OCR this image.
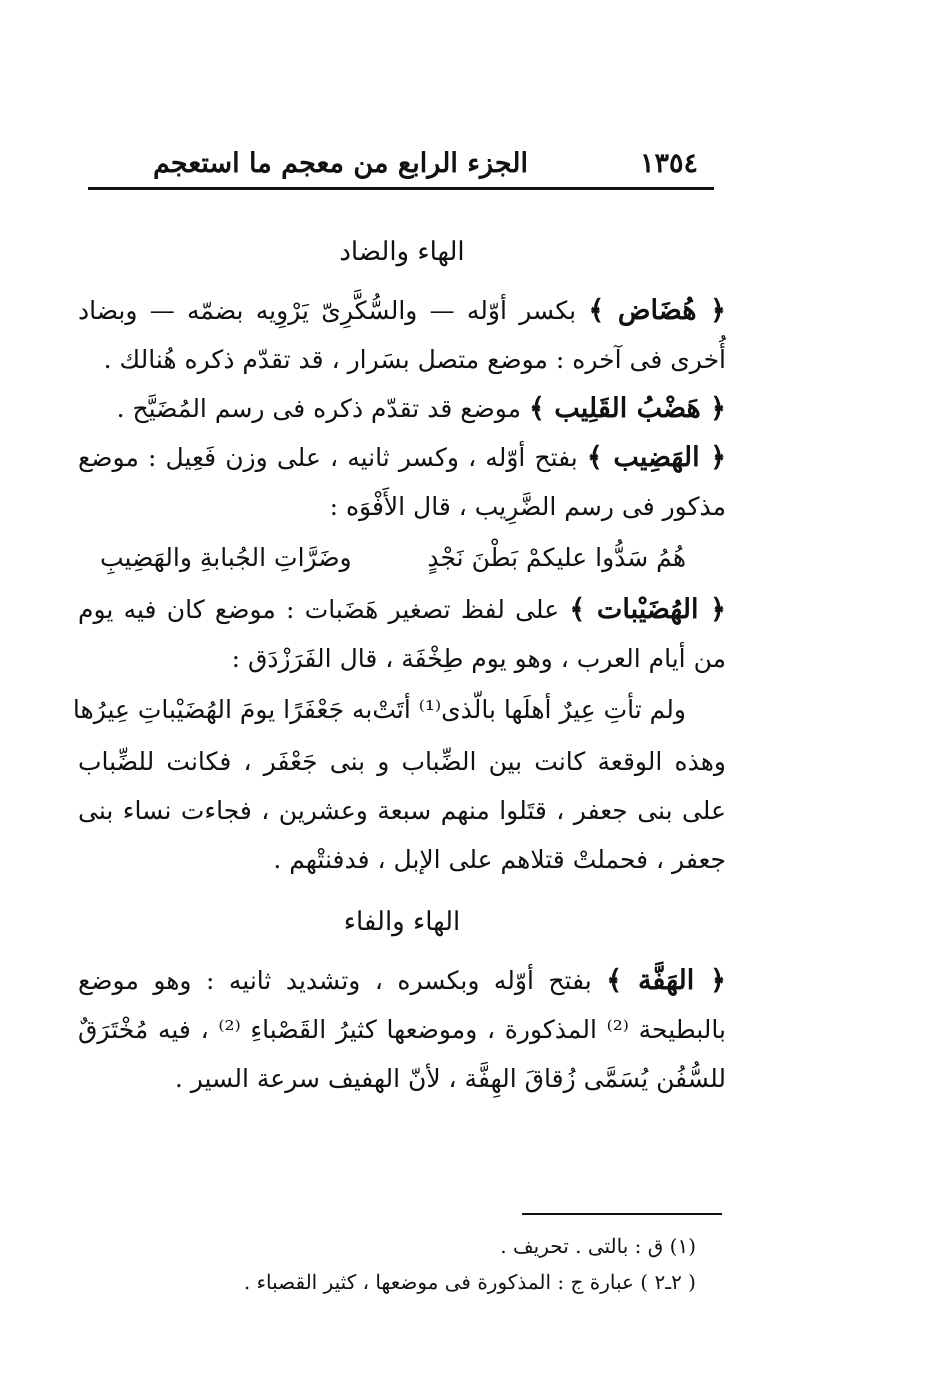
١٣٥٤
الجزء الرابع من معجم ما استعجم
الهاء والضاد

﴿ هُضَاض ﴾ بكسر أوّله — والسُّكَّرِىّ يَرْوِيه بضمّه — وبضاد أُخرى فى آخره : موضع متصل بسَرار ، قد تقدّم ذكره هُنالك .

﴿ هَضْبُ القَلِيب ﴾ موضع قد تقدّم ذكره فى رسم المُضَيَّح .

﴿ الهَضِيب ﴾ بفتح أوّله ، وكسر ثانيه ، على وزن فَعِيل : موضع مذكور فى رسم الضَّرِيب ، قال الأَفْوَه :

هُمُ سَدُّوا عليكمْ بَطْنَ نَجْدٍ
وضَرَّاتِ الجُبابةِ والهَضِيبِ

﴿ الهُضَيْبات ﴾ على لفظ تصغير هَضَبات : موضع كان فيه يوم من أيام العرب ، وهو يوم طِخْفَة ، قال الفَرَزْدَق :

ولم تأتِ عِيرٌ أهلَها بالّذى⁽¹⁾ أتَتْ
به جَعْفَرًا يومَ الهُضَيْباتِ عِيرُها

وهذه الوقعة كانت بين الضِّباب و بنى جَعْفَر ، فكانت للضِّباب على بنى جعفر ، قتَلوا منهم سبعة وعشرين ، فجاءت نساء بنى جعفر ، فحملتْ قتلاهم على الإبل ، فدفنتْهم .

الهاء والفاء

﴿ الهَفَّة ﴾ بفتح أوّله وبكسره ، وتشديد ثانيه : وهو موضع بالبطيحة ⁽²⁾ المذكورة ، وموضعها كثيرُ القَصْباءِ ⁽²⁾ ، فيه مُخْتَرَقٌ للسُّفُن يُسَمَّى زُقاقَ الهِفَّة ، لأنّ الهفيف سرعة السير .

(١) ق : بالتى . تحريف .

( ٢ـ٢ ) عبارة ج : المذكورة فى موضعها ، كثير القصباء .
